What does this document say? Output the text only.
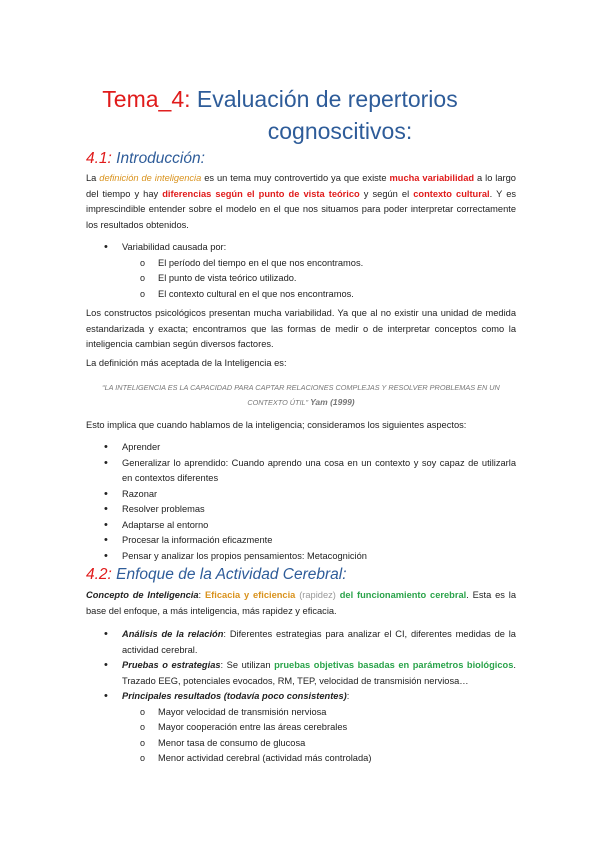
Tema_4: Evaluación de repertorios
cognoscitivos:
4.1: Introducción:

La definición de inteligencia es un tema muy controvertido ya que existe mucha variabilidad a lo largo del tiempo y hay diferencias según el punto de vista teórico y según el contexto cultural. Y es imprescindible entender sobre el modelo en el que nos situamos para poder interpretar correctamente los resultados obtenidos.

• Variabilidad causada por:
o El período del tiempo en el que nos encontramos.
o El punto de vista teórico utilizado.
o El contexto cultural en el que nos encontramos.

Los constructos psicológicos presentan mucha variabilidad. Ya que al no existir una unidad de medida estandarizada y exacta; encontramos que las formas de medir o de interpretar conceptos como la inteligencia cambian según diversos factores.

La definición más aceptada de la Inteligencia es:

“LA INTELIGENCIA ES LA CAPACIDAD PARA CAPTAR RELACIONES COMPLEJAS Y RESOLVER PROBLEMAS EN UN CONTEXTO ÚTIL” Yam (1999)

Esto implica que cuando hablamos de la inteligencia; consideramos los siguientes aspectos:

• Aprender
• Generalizar lo aprendido: Cuando aprendo una cosa en un contexto y soy capaz de utilizarla en contextos diferentes
• Razonar
• Resolver problemas
• Adaptarse al entorno
• Procesar la información eficazmente
• Pensar y analizar los propios pensamientos: Metacognición
4.2: Enfoque de la Actividad Cerebral:

Concepto de Inteligencia: Eficacia y eficiencia (rapidez) del funcionamiento cerebral. Esta es la base del enfoque, a más inteligencia, más rapidez y eficacia.

• Análisis de la relación: Diferentes estrategias para analizar el CI, diferentes medidas de la actividad cerebral.
• Pruebas o estrategias: Se utilizan pruebas objetivas basadas en parámetros biológicos. Trazado EEG, potenciales evocados, RM, TEP, velocidad de transmisión nerviosa…
• Principales resultados (todavía poco consistentes):
o Mayor velocidad de transmisión nerviosa
o Mayor cooperación entre las áreas cerebrales
o Menor tasa de consumo de glucosa
o Menor actividad cerebral (actividad más controlada)
